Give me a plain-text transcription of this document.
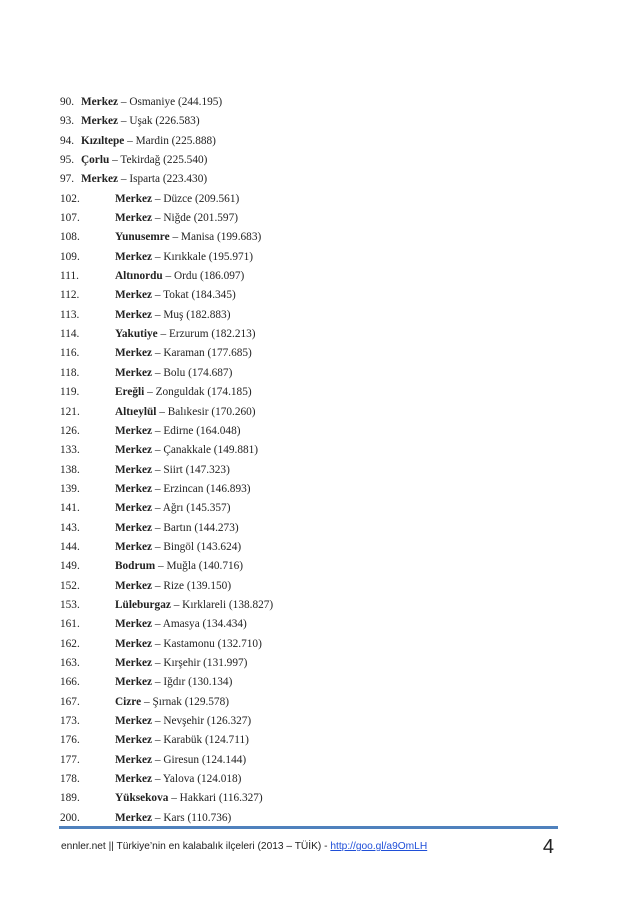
90. Merkez – Osmaniye (244.195)
93. Merkez – Uşak (226.583)
94. Kızıltepe – Mardin (225.888)
95. Çorlu – Tekirdağ (225.540)
97. Merkez – Isparta (223.430)
102.	Merkez – Düzce (209.561)
107.	Merkez – Niğde (201.597)
108.	Yunusemre – Manisa (199.683)
109.	Merkez – Kırıkkale (195.971)
111.	Altınordu – Ordu (186.097)
112.	Merkez – Tokat (184.345)
113.	Merkez – Muş (182.883)
114.	Yakutiye – Erzurum (182.213)
116.	Merkez – Karaman (177.685)
118.	Merkez – Bolu (174.687)
119.	Ereğli – Zonguldak (174.185)
121.	Altıeylül – Balıkesir (170.260)
126.	Merkez – Edirne (164.048)
133.	Merkez – Çanakkale (149.881)
138.	Merkez – Siirt (147.323)
139.	Merkez – Erzincan (146.893)
141.	Merkez – Ağrı (145.357)
143.	Merkez – Bartın (144.273)
144.	Merkez – Bingöl (143.624)
149.	Bodrum – Muğla (140.716)
152.	Merkez – Rize (139.150)
153.	Lüleburgaz – Kırklareli (138.827)
161.	Merkez – Amasya (134.434)
162.	Merkez – Kastamonu (132.710)
163.	Merkez – Kırşehir (131.997)
166.	Merkez – Iğdır (130.134)
167.	Cizre – Şırnak (129.578)
173.	Merkez – Nevşehir (126.327)
176.	Merkez – Karabük (124.711)
177.	Merkez – Giresun (124.144)
178.	Merkez – Yalova (124.018)
189.	Yüksekova – Hakkari (116.327)
200.	Merkez – Kars (110.736)
ennler.net || Türkiye’nin en kalabalık ilçeleri (2013 – TÜİK) - http://goo.gl/a9OmLH	4
